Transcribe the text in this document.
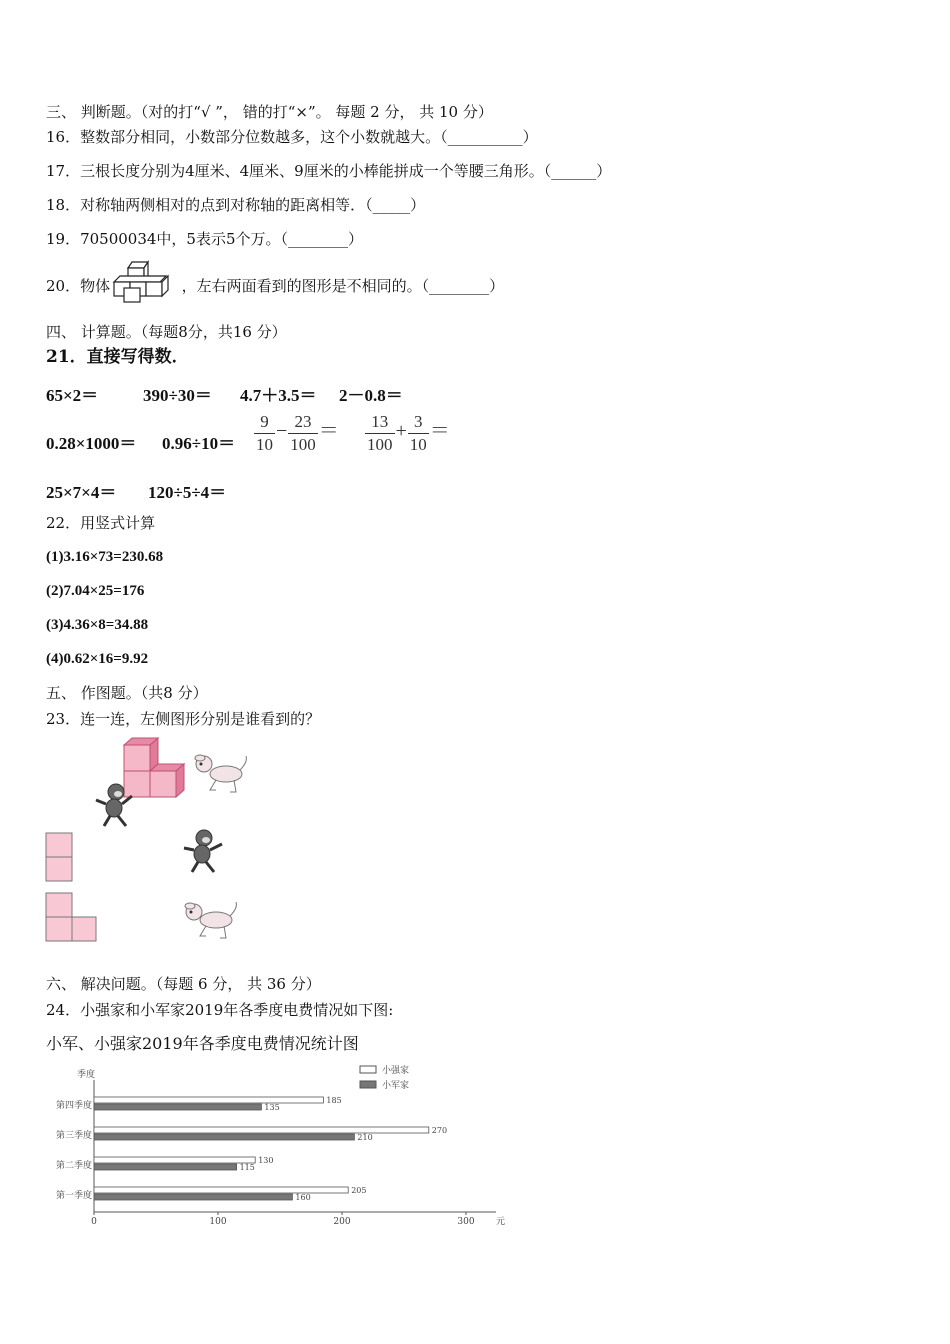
三、 判断题。（对的打“√ ”， 错的打“×”。 每题 2 分， 共 10 分）
16．整数部分相同，小数部分位数越多，这个小数就越大。（__________）
17．三根长度分别为4厘米、4厘米、9厘米的小棒能拼成一个等腰三角形。（______）
18．对称轴两侧相对的点到对称轴的距离相等．（_____）
19．70500034中，5表示5个万。（________）
20．物体	，左右两面看到的图形是不相同的。（________）
四、 计算题。（每题8分，共16 分）
21．直接写得数．
65×2＝	390÷30＝ 4.7＋3.5＝ 2－0.8＝
$0.28\times 1000= 0.96\div 10= \frac{9}{10} - \frac{23}{100} = \frac{13}{100} + \frac{3}{10}$ ＝
25×7×4＝ 120÷5÷4＝
22．用竖式计算
(1)3.16×73=230.68
(2)7.04×25=176
(3)4.36×8=34.88
(4)0.62×16=9.92
五、 作图题。（共8 分）
23．连一连，左侧图形分别是谁看到的？
六、 解决问题。（每题 6 分， 共 36 分）
24．小强家和小军家2019年各季度电费情况如下图:
小军、小强家2019年各季度电费情况统计图
季度
元
0	100	200	300
小强家
小军家
第四季度
185
135
第三季度
270
210
第二季度
130
115
第一季度
205
160
